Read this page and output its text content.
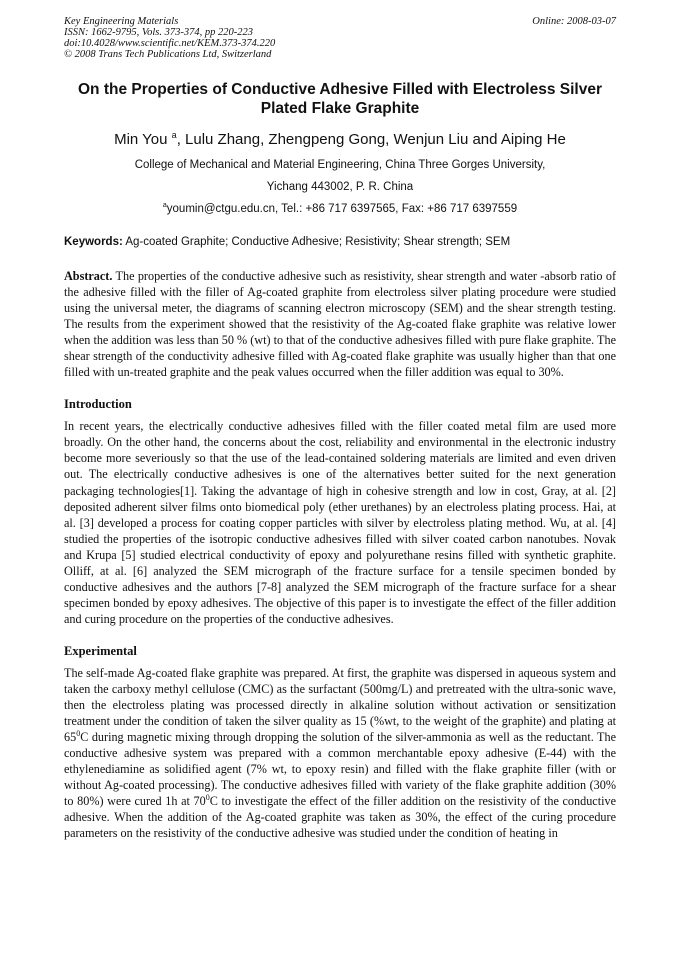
Key Engineering Materials
ISSN: 1662-9795, Vols. 373-374, pp 220-223
doi:10.4028/www.scientific.net/KEM.373-374.220
© 2008 Trans Tech Publications Ltd, Switzerland
Online: 2008-03-07
On the Properties of Conductive Adhesive Filled with Electroless Silver Plated Flake Graphite
Min You $^a$, Lulu Zhang, Zhengpeng Gong, Wenjun Liu and Aiping He
College of Mechanical and Material Engineering, China Three Gorges University,
Yichang 443002, P. R. China
$^a$youmin@ctgu.edu.cn, Tel.: +86 717 6397565, Fax: +86 717 6397559
Keywords: Ag-coated Graphite; Conductive Adhesive; Resistivity; Shear strength; SEM
Abstract. The properties of the conductive adhesive such as resistivity, shear strength and water -absorb ratio of the adhesive filled with the filler of Ag-coated graphite from electroless silver plating procedure were studied using the universal meter, the diagrams of scanning electron microscopy (SEM) and the shear strength testing. The results from the experiment showed that the resistivity of the Ag-coated flake graphite was relative lower when the addition was less than 50 % (wt) to that of the conductive adhesives filled with pure flake graphite. The shear strength of the conductivity adhesive filled with Ag-coated flake graphite was usually higher than that one filled with un-treated graphite and the peak values occurred when the filler addition was equal to 30%.
Introduction
In recent years, the electrically conductive adhesives filled with the filler coated metal film are used more broadly. On the other hand, the concerns about the cost, reliability and environmental in the electronic industry become more severiously so that the use of the lead-contained soldering materials are limited and even driven out. The electrically conductive adhesives is one of the alternatives better suited for the next generation packaging technologies[1]. Taking the advantage of high in cohesive strength and low in cost, Gray, at al. [2] deposited adherent silver films onto biomedical poly (ether urethanes) by an electroless plating process. Hai, at al. [3] developed a process for coating copper particles with silver by electroless plating method. Wu, at al. [4] studied the properties of the isotropic conductive adhesives filled with silver coated carbon nanotubes. Novak and Krupa [5] studied electrical conductivity of epoxy and polyurethane resins filled with synthetic graphite. Olliff, at al. [6] analyzed the SEM micrograph of the fracture surface for a tensile specimen bonded by conductive adhesives and the authors [7-8] analyzed the SEM micrograph of the fracture surface for a shear specimen bonded by epoxy adhesives. The objective of this paper is to investigate the effect of the filler addition and curing procedure on the properties of the conductive adhesives.
Experimental
The self-made Ag-coated flake graphite was prepared. At first, the graphite was dispersed in aqueous system and taken the carboxy methyl cellulose (CMC) as the surfactant (500mg/L) and pretreated with the ultra-sonic wave, then the electroless plating was processed directly in alkaline solution without activation or sensitization treatment under the condition of taken the silver quality as 15 (%wt, to the weight of the graphite) and plating at $65^0C$ during magnetic mixing through dropping the solution of the silver-ammonia as well as the reductant. The conductive adhesive system was prepared with a common merchantable epoxy adhesive (E-44) with the ethylenediamine as solidified agent (7% wt, to epoxy resin) and filled with the flake graphite filler (with or without Ag-coated processing). The conductive adhesives filled with variety of the flake graphite addition (30% to 80%) were cured 1h at $70^0C$ to investigate the effect of the filler addition on the resistivity of the conductive adhesive. When the addition of the Ag-coated graphite was taken as 30%, the effect of the curing procedure parameters on the resistivity of the conductive adhesive was studied under the condition of heating in
